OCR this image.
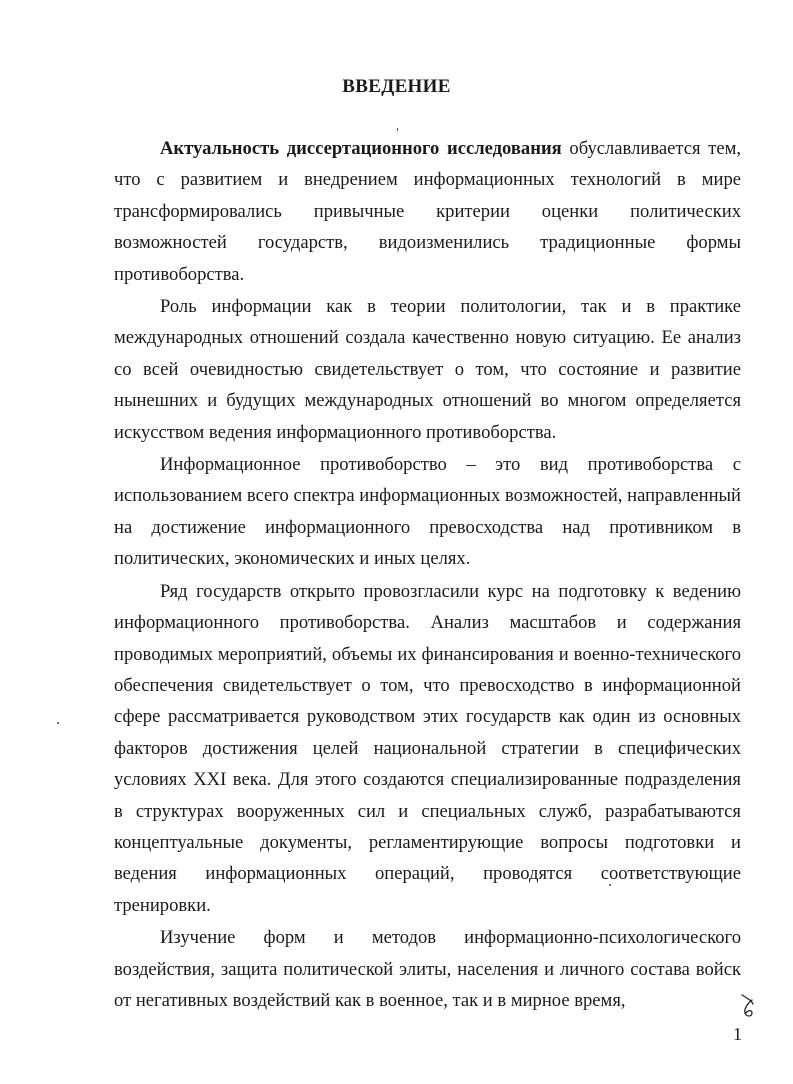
ВВЕДЕНИЕ

Актуальность диссертационного исследования обуславливается тем, что с развитием и внедрением информационных технологий в мире трансформировались привычные критерии оценки политических возможностей государств, видоизменились традиционные формы противоборства.

Роль информации как в теории политологии, так и в практике международных отношений создала качественно новую ситуацию. Ее анализ со всей очевидностью свидетельствует о том, что состояние и развитие нынешних и будущих международных отношений во многом определяется искусством ведения информационного противоборства.

Информационное противоборство – это вид противоборства с использованием всего спектра информационных возможностей, направленный на достижение информационного превосходства над противником в политических, экономических и иных целях.

Ряд государств открыто провозгласили курс на подготовку к ведению информационного противоборства. Анализ масштабов и содержания проводимых мероприятий, объемы их финансирования и военно-технического обеспечения свидетельствует о том, что превосходство в информационной сфере рассматривается руководством этих государств как один из основных факторов достижения целей национальной стратегии в специфических условиях XXI века. Для этого создаются специализированные подразделения в структурах вооруженных сил и специальных служб, разрабатываются концептуальные документы, регламентирующие вопросы подготовки и ведения информационных операций, проводятся соответствующие тренировки.

Изучение форм и методов информационно-психологического воздействия, защита политической элиты, населения и личного состава войск от негативных воздействий как в военное, так и в мирное время,

1
